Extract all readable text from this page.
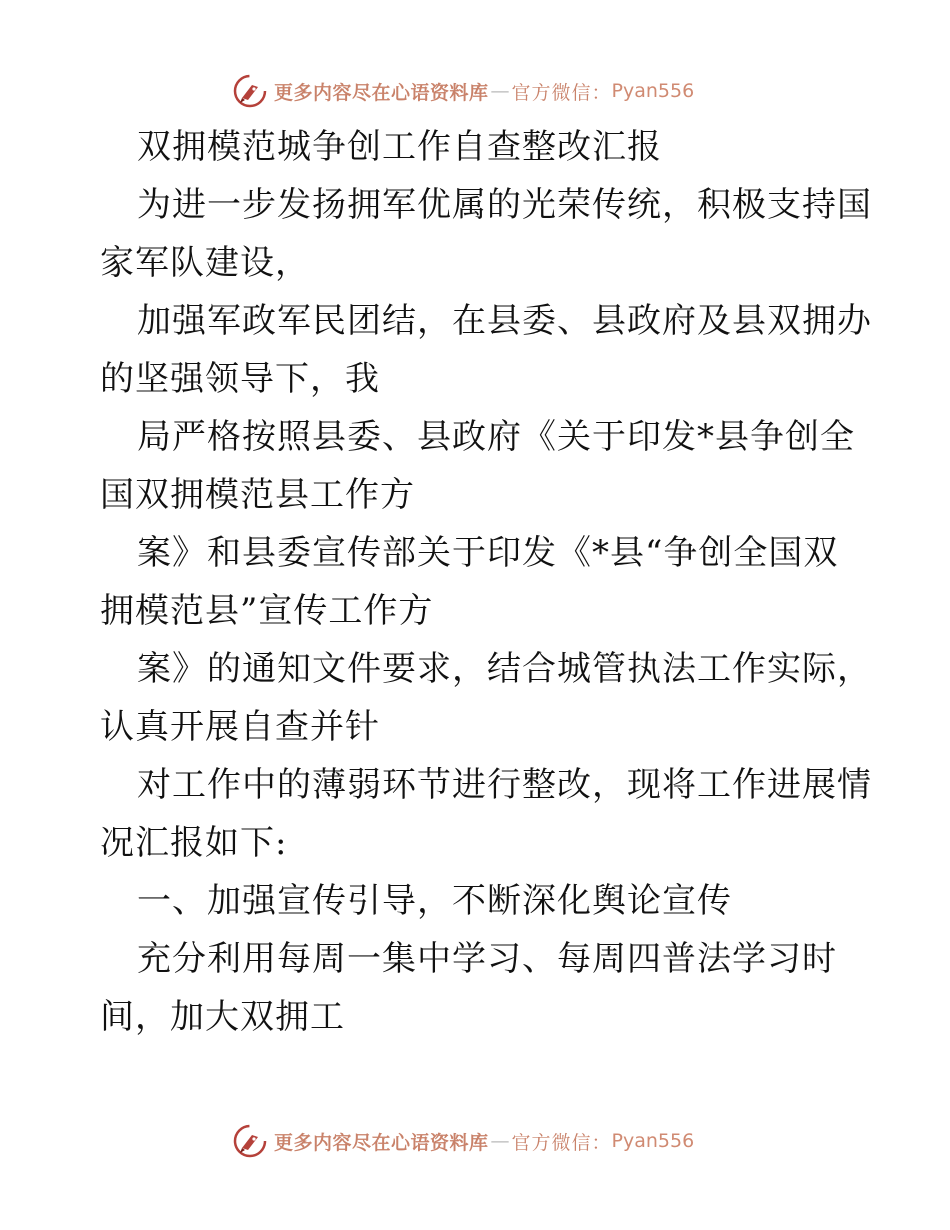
更多内容尽在心语资料库 — 官方微信： Pyan556
双拥模范城争创工作自查整改汇报
为进一步发扬拥军优属的光荣传统，积极支持国
家军队建设，
加强军政军民团结，在县委、县政府及县双拥办
的坚强领导下，我
局严格按照县委、县政府《关于印发*县争创全
国双拥模范县工作方
案》和县委宣传部关于印发《*县“争创全国双
拥模范县”宣传工作方
案》的通知文件要求，结合城管执法工作实际，
认真开展自查并针
对工作中的薄弱环节进行整改，现将工作进展情
况汇报如下:
一、加强宣传引导，不断深化舆论宣传
充分利用每周一集中学习、每周四普法学习时
间，加大双拥工
更多内容尽在心语资料库 — 官方微信： Pyan556
